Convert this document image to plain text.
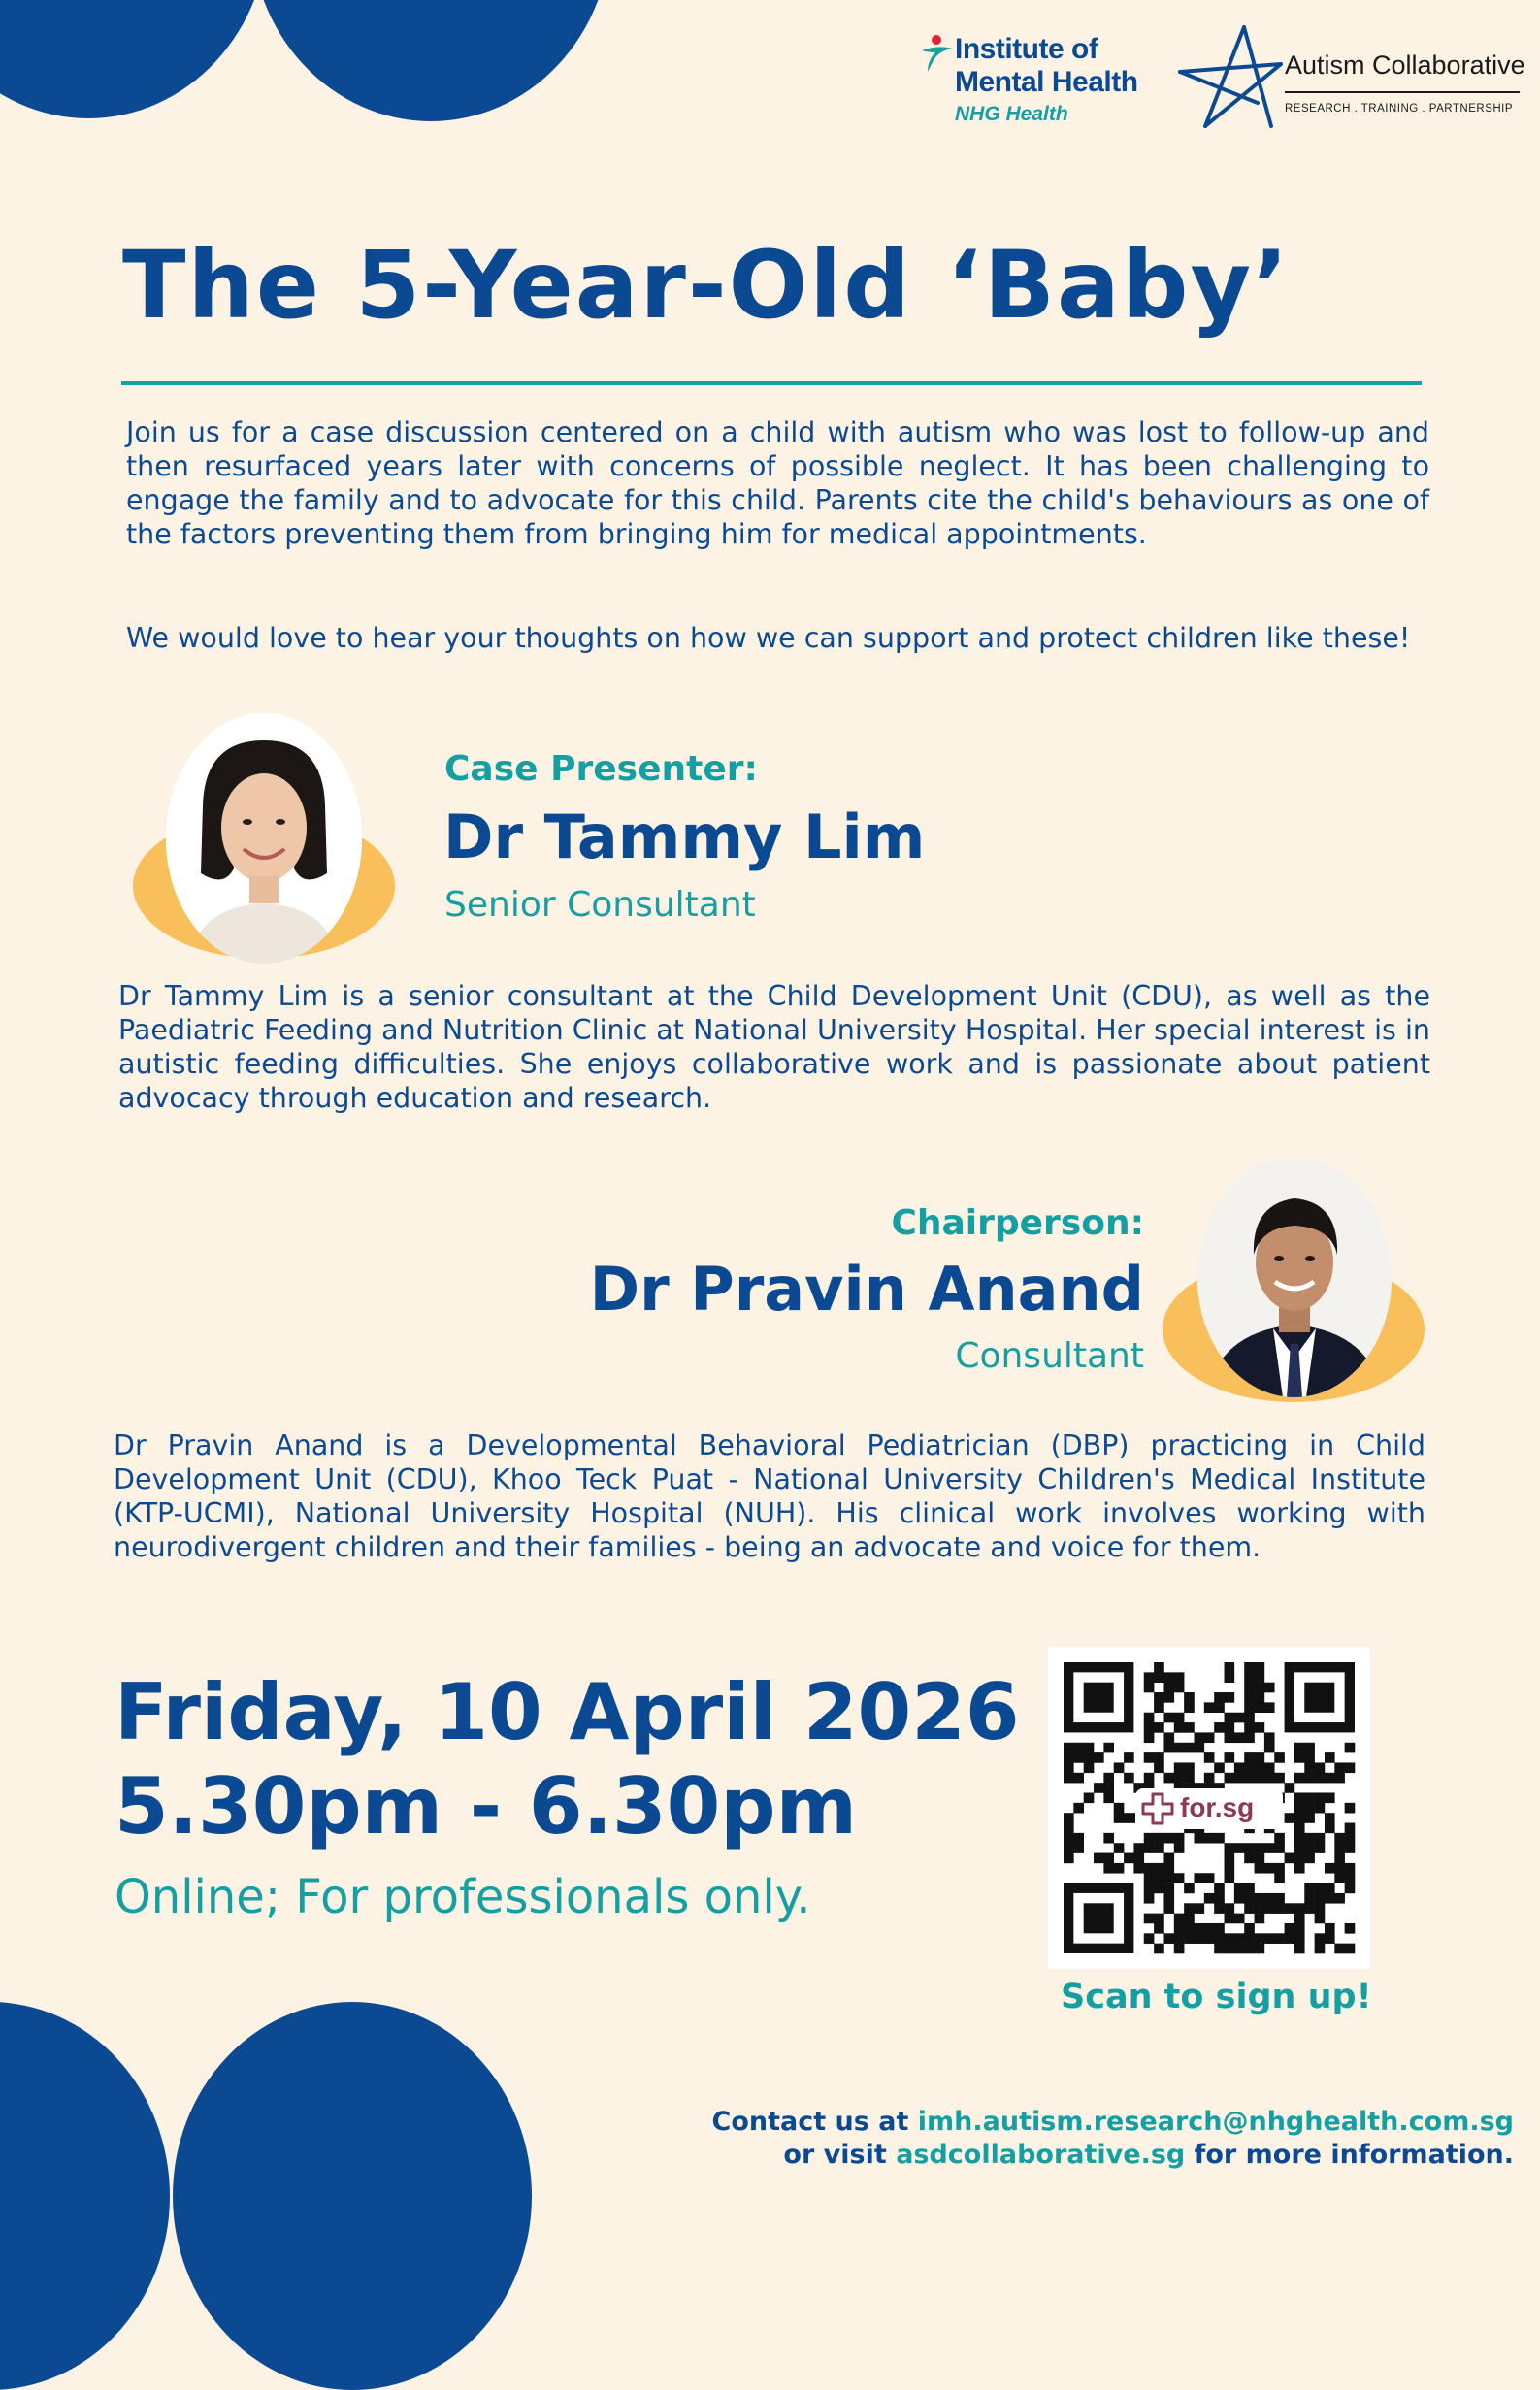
Institute of
Mental Health
NHG Health
Autism Collaborative
RESEARCH . TRAINING . PARTNERSHIP
The 5-Year-Old ‘Baby’

Join us for a case discussion centered on a child with autism who was lost to follow-up and then resurfaced years later with concerns of possible neglect. It has been challenging to engage the family and to advocate for this child. Parents cite the child's behaviours as one of the factors preventing them from bringing him for medical appointments.

We would love to hear your thoughts on how we can support and protect children like these!

Case Presenter:
Dr Tammy Lim
Senior Consultant

Dr Tammy Lim is a senior consultant at the Child Development Unit (CDU), as well as the Paediatric Feeding and Nutrition Clinic at National University Hospital. Her special interest is in autistic feeding difficulties. She enjoys collaborative work and is passionate about patient advocacy through education and research.

Chairperson:
Dr Pravin Anand
Consultant

Dr Pravin Anand is a Developmental Behavioral Pediatrician (DBP) practicing in Child Development Unit (CDU), Khoo Teck Puat - National University Children's Medical Institute (KTP-UCMI), National University Hospital (NUH). His clinical work involves working with neurodivergent children and their families - being an advocate and voice for them.

Friday, 10 April 2026
5.30pm - 6.30pm
Online; For professionals only.
for.sg
Scan to sign up!
Contact us at imh.autism.research@nhghealth.com.sg
or visit asdcollaborative.sg for more information.
